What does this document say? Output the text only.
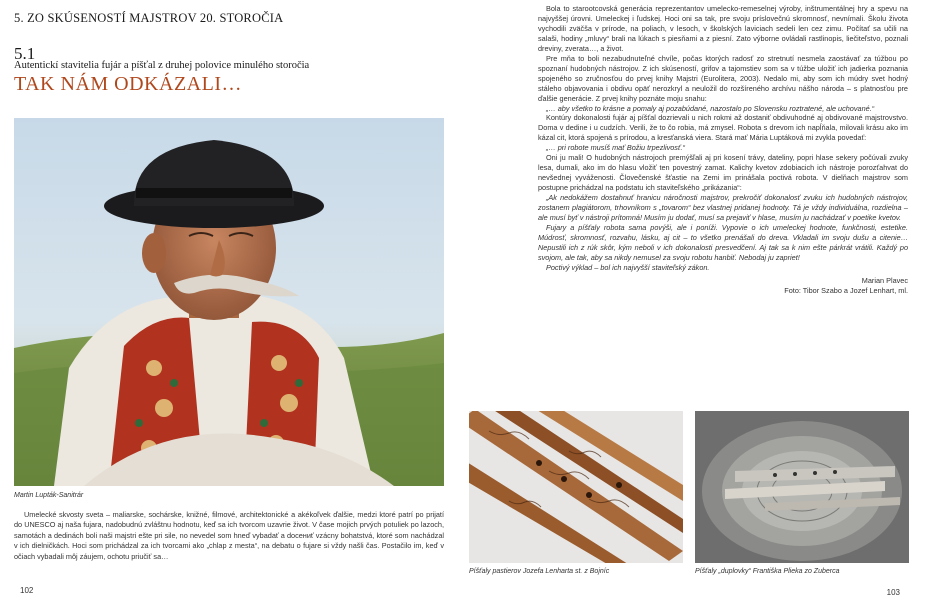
5. ZO SKÚSENOSTÍ MAJSTROV 20. STOROČIA
5.1
Autentickí stavitelia fujár a píšťal z druhej polovice minulého storočia
TAK NÁM ODKÁZALI…
Martin Lupták-Sanitrár

Umelecké skvosty sveta – maliarske, sochárske, knižné, filmové, architektonické a akékoľvek ďalšie, medzi ktoré patrí po prijatí do UNESCO aj naša fujara, nadobudnú zvláštnu hodnotu, keď sa ich tvorcom uzavrie život. V čase mojich prvých potuliek po lazoch, samotách a dedinách boli naši majstri ešte pri sile, no nevedel som hneď vybadať a docениť vzácny bohatstvá, ktoré som nachádzal v ich dielničkách. Hoci som prichádzal za ich tvorcami ako „chlap z mesta“, na debatu o fujare si vždy našli čas. Postačilo im, keď v očiach vybadali môj záujem, ochotu priučiť sa…

102

Bola to starootcovská generácia reprezentantov umelecko-remeselnej výroby, inštrumentálnej hry a spevu na najvyššej úrovni. Umeleckej i ľudskej. Hoci oni sa tak, pre svoju príslovečnú skromnosť, nevnímali. Školu života vychodili zväčša v prírode, na poliach, v lesoch, v školských laviciach sedeli len cez zimu. Počítať sa učili na salaši, hodiny „mluvy“ brali na lúkach s piesňami a z piesní. Zato výborne ovládali rastlinopis, liečiteľstvo, poznali dreviny, zverata…, a život.

Pre mňa to boli nezabudnuteľné chvíle, počas ktorých radosť zo stretnutí nesmela zaostávať za túžbou po spoznaní hudobných nástrojov. Z ich skúseností, grifov a tajomstiev som sa v túžbe uložiť ich jadierka poznania spojeného so zručnosťou do prvej knihy Majstri (Eurolitera, 2003). Nedalo mi, aby som ich múdry svet hodný stáleho objavovania i obdivu opäť nerozkryl a neuložil do rozšíreného archívu nášho národa – s platnosťou pre ďalšie generácie. Z prvej knihy poznáte moju snahu:

„… aby všetko to krásne a pomaly aj pozabúdané, nazostalo po Slovensku roztratené, ale uchované.“

Kontúry dokonalosti fujár aj píšťal dozrievali u nich rokmi až dostaniť obdivuhodné aj obdivované majstrovstvo. Doma v dedine i u cudzích. Verili, že to čo robia, má zmysel. Robota s drevom ich napĺňala, milovali krásu ako im kázal cit, ktorá spojená s prírodou, a kresťanská viera. Stará mať Mária Luptáková mi zvykla povedať:

„… pri robote musíš mať Božiu trpezlivosť.“

Oni ju mali! O hudobných nástrojoch premýšľali aj pri kosení trávy, datelinу, popri hlase sekery počúvali zvuky lesa, dumali, ako im do hlasu vložiť ten povestný zamat. Kalichy kvetov zdobiacich ich nástroje porozťahvat do nevšednej vyváženosti. Človečenské šťastie na Zemi im prinášala poctivá robota. V dielňach majstrov som postupne prichádzal na podstatu ich staviteľského „prikázania“:

„Ak nedokážem dostahnuť hranicu náročnosti majstrov, prekročiť dokonalosť zvuku ich hudobných nástrojov, zostanem plagiátorom, trhovníkom s „tovarom“ bez vlastnej pridanej hodnoty. Tá je vždy individuálna, rozdielna – ale musí byť v nástroji prítomná! Musím ju dodať, musí sa prejaviť v hlase, musím ju nachádzať v poetike kvetov.

Fujary a píšťaly robota sama povýši, ale i poníži. Vypovie o ich umeleckej hodnote, funkčnosti, estetike. Múdrosť, skromnosť, rozvahu, lásku, aj cit – to všetko prenášali do dreva. Vkladali im svoju dušu a citenie… Nepustili ich z rúk skôr, kým neboli v ich dokonalosti presvedčení. Aj tak sa k nim ešte párkrát vrátili. Každý po svojom, ale tak, aby sa nikdy nemusel za svoju robotu hanbiť. Nebodaj ju zapriet!

Poctivý výklad – bol ich najvyšší staviteľský zákon.

Marian Plavec

Foto: Tibor Szabo a Jozef Lenhart, ml.

Píšťaly pastierov Jozefa Lenharta st. z Bojníc	Píšťaly „duplovky“ Františka Plieka zo Zuberca
103
